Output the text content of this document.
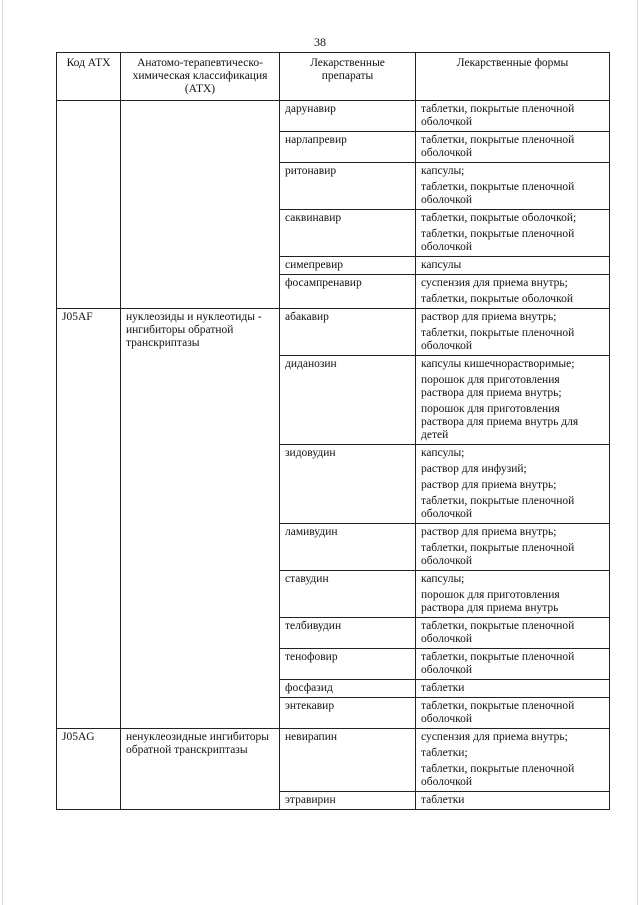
38
Код АТХ	Анатомо-терапевтическо-химическая классификация (АТХ)	Лекарственные препараты	Лекарственные формы
		дарунавир	таблетки, покрытые пленочной оболочкой

		нарлапревир	таблетки, покрытые пленочной оболочкой

		ритонавир	капсулы;
таблетки, покрытые пленочной оболочкой

		саквинавир	таблетки, покрытые оболочкой;
таблетки, покрытые пленочной оболочкой

		симепревир	капсулы

		фосампренавир	суспензия для приема внутрь;
таблетки, покрытые оболочкой

J05AF	нуклеозиды и нуклеотиды - ингибиторы обратной транскриптазы	абакавир	раствор для приема внутрь;
таблетки, покрытые пленочной оболочкой

		диданозин	капсулы кишечнорастворимые;
порошок для приготовления раствора для приема внутрь;
порошок для приготовления раствора для приема внутрь для детей

		зидовудин	капсулы;
раствор для инфузий;
раствор для приема внутрь;
таблетки, покрытые пленочной оболочкой

		ламивудин	раствор для приема внутрь;
таблетки, покрытые пленочной оболочкой

		ставудин	капсулы;
порошок для приготовления раствора для приема внутрь

		телбивудин	таблетки, покрытые пленочной оболочкой

		тенофовир	таблетки, покрытые пленочной оболочкой

		фосфазид	таблетки

		энтекавир	таблетки, покрытые пленочной оболочкой

J05AG	ненуклеозидные ингибиторы обратной транскриптазы	невирапин	суспензия для приема внутрь;
таблетки;
таблетки, покрытые пленочной оболочкой

		этравирин	таблетки
